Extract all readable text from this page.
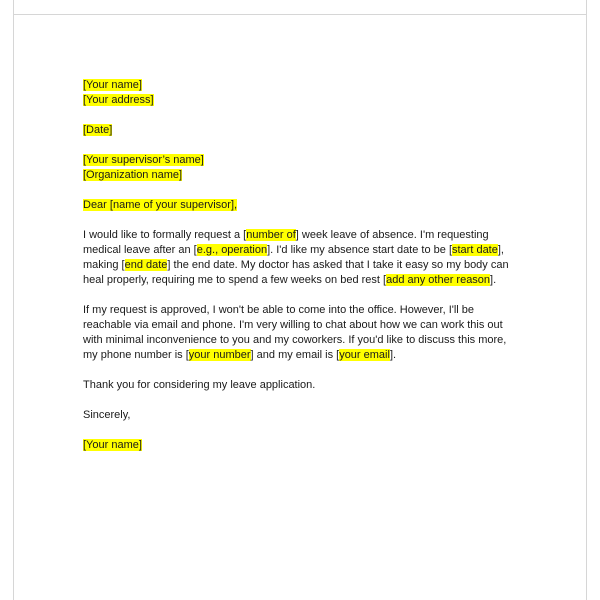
[Your name]
[Your address]
[Date]
[Your supervisor’s name]
[Organization name]
Dear [name of your supervisor],

I would like to formally request a [number of] week leave of absence. I'm requesting medical leave after an [e.g., operation]. I'd like my absence start date to be [start date], making [end date] the end date. My doctor has asked that I take it easy so my body can heal properly, requiring me to spend a few weeks on bed rest [add any other reason].

If my request is approved, I won't be able to come into the office. However, I'll be reachable via email and phone. I'm very willing to chat about how we can work this out with minimal inconvenience to you and my coworkers. If you'd like to discuss this more, my phone number is [your number] and my email is [your email].

Thank you for considering my leave application.
Sincerely,
[Your name]
